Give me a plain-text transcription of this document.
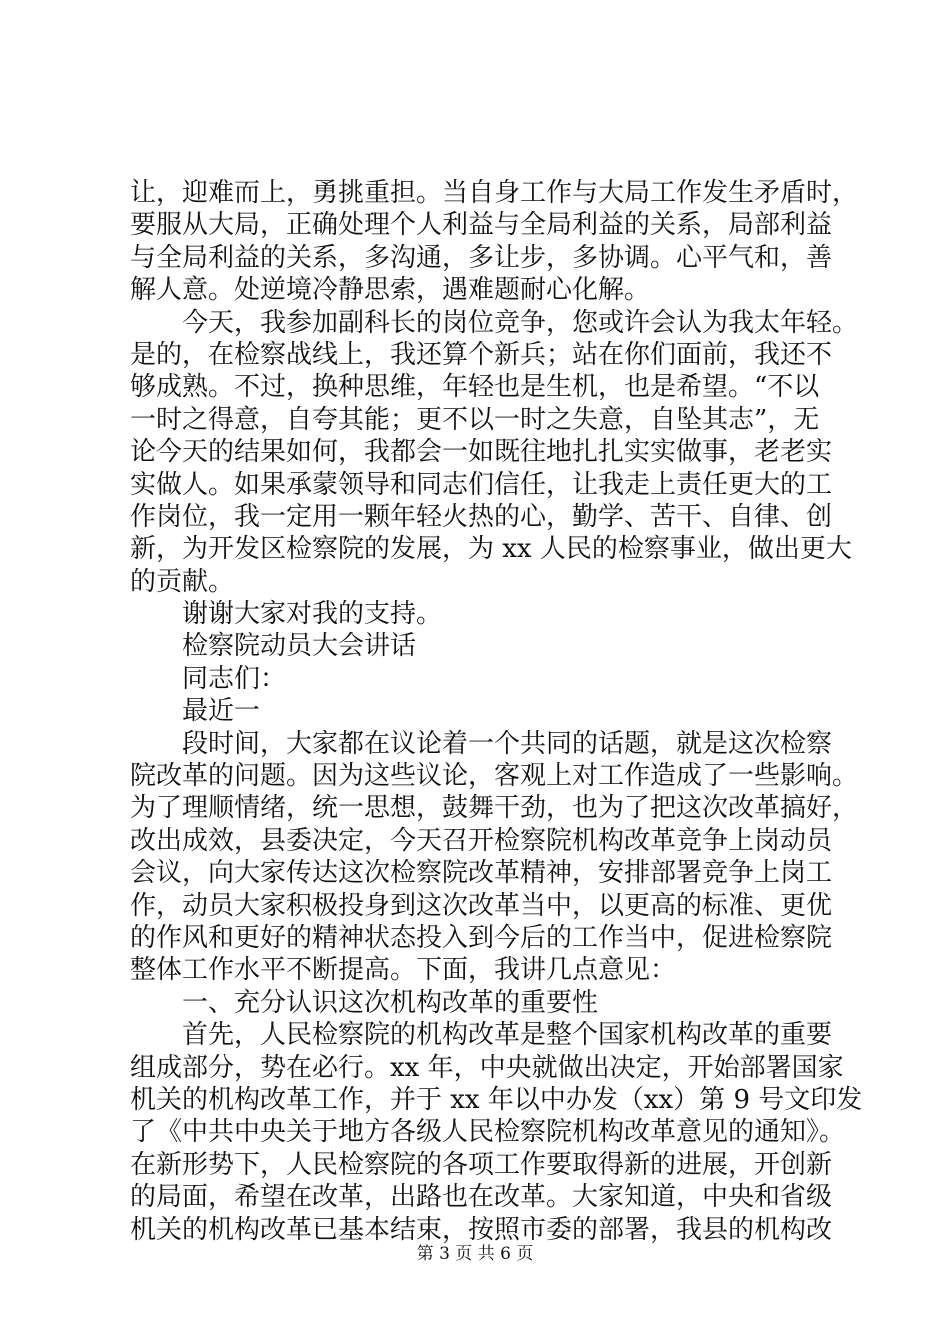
让，迎难而上，勇挑重担。当自身工作与大局工作发生矛盾时，
要服从大局，正确处理个人利益与全局利益的关系，局部利益
与全局利益的关系，多沟通，多让步，多协调。心平气和，善
解人意。处逆境冷静思索，遇难题耐心化解。
今天，我参加副科长的岗位竞争，您或许会认为我太年轻。
是的，在检察战线上，我还算个新兵；站在你们面前，我还不
够成熟。不过，换种思维，年轻也是生机，也是希望。“不以
一时之得意，自夸其能；更不以一时之失意，自坠其志”，无
论今天的结果如何，我都会一如既往地扎扎实实做事，老老实
实做人。如果承蒙领导和同志们信任，让我走上责任更大的工
作岗位，我一定用一颗年轻火热的心，勤学、苦干、自律、创
新，为开发区检察院的发展，为 xx 人民的检察事业，做出更大
的贡献。
谢谢大家对我的支持。
检察院动员大会讲话
同志们：
最近一
段时间，大家都在议论着一个共同的话题，就是这次检察
院改革的问题。因为这些议论，客观上对工作造成了一些影响。
为了理顺情绪，统一思想，鼓舞干劲，也为了把这次改革搞好，
改出成效，县委决定，今天召开检察院机构改革竞争上岗动员
会议，向大家传达这次检察院改革精神，安排部署竞争上岗工
作，动员大家积极投身到这次改革当中，以更高的标准、更优
的作风和更好的精神状态投入到今后的工作当中，促进检察院
整体工作水平不断提高。下面，我讲几点意见：
一、充分认识这次机构改革的重要性
首先，人民检察院的机构改革是整个国家机构改革的重要
组成部分，势在必行。xx 年，中央就做出决定，开始部署国家
机关的机构改革工作，并于 xx 年以中办发（xx）第 9 号文印发
了《中共中央关于地方各级人民检察院机构改革意见的通知》。
在新形势下，人民检察院的各项工作要取得新的进展，开创新
的局面，希望在改革，出路也在改革。大家知道，中央和省级
机关的机构改革已基本结束，按照市委的部署，我县的机构改
第 3 页 共 6 页
